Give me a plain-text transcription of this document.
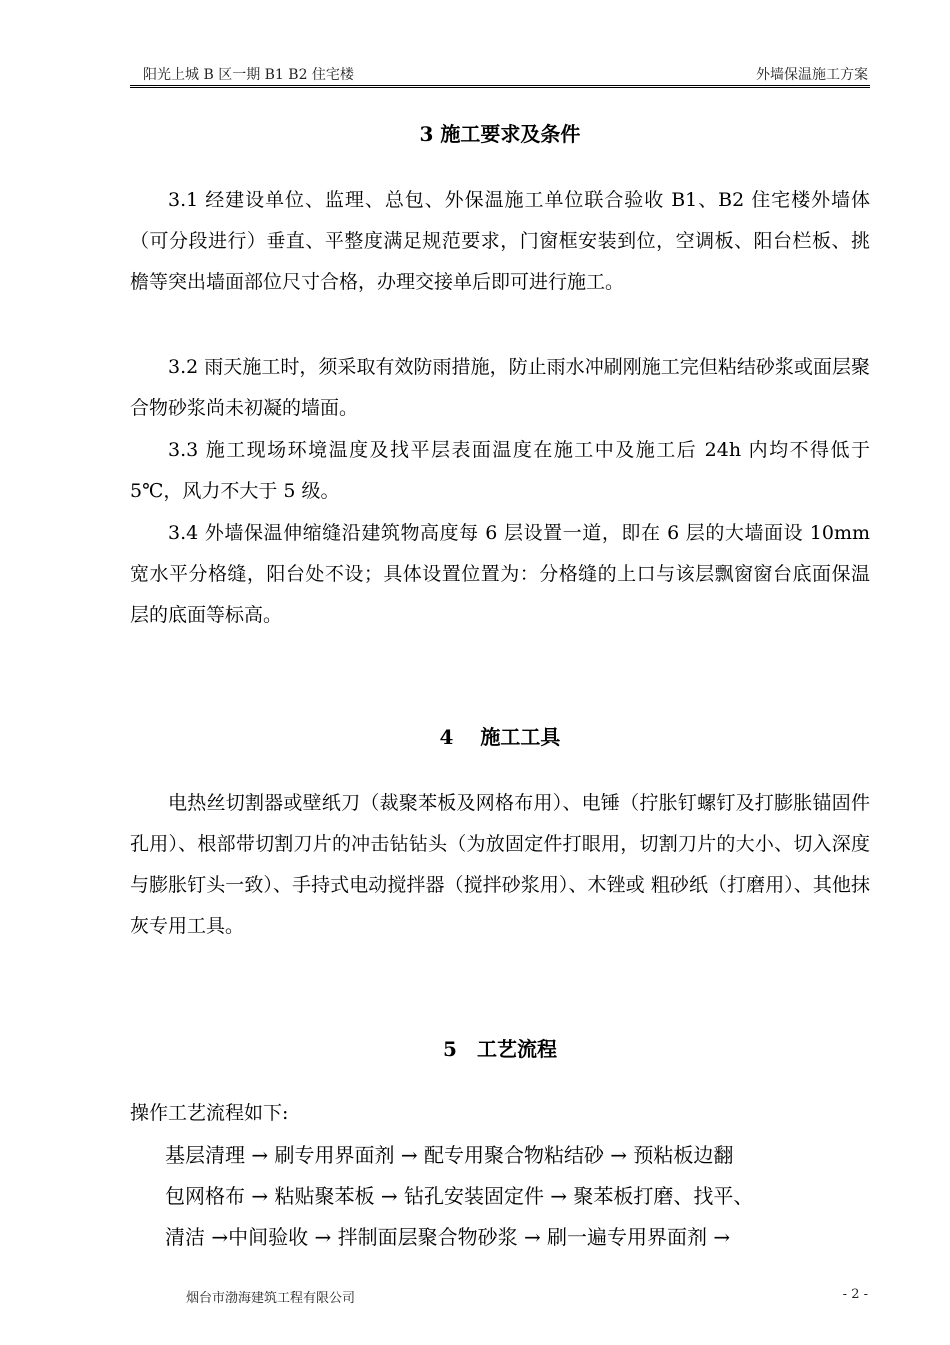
阳光上城 B 区一期 B1 B2 住宅楼	外墙保温施工方案
3 施工要求及条件

3.1 经建设单位、监理、总包、外保温施工单位联合验收 B1、B2 住宅楼外墙体（可分段进行）垂直、平整度满足规范要求，门窗框安装到位，空调板、阳台栏板、挑檐等突出墙面部位尺寸合格，办理交接单后即可进行施工。

3.2 雨天施工时，须采取有效防雨措施，防止雨水冲刷刚施工完但粘结砂浆或面层聚合物砂浆尚未初凝的墙面。

3.3 施工现场环境温度及找平层表面温度在施工中及施工后 24h 内均不得低于 5℃，风力不大于 5 级。

3.4 外墙保温伸缩缝沿建筑物高度每 6 层设置一道，即在 6 层的大墙面设 10mm 宽水平分格缝，阳台处不设；具体设置位置为：分格缝的上口与该层飘窗窗台底面保温层的底面等标高。

4　 施工工具

电热丝切割器或壁纸刀（裁聚苯板及网格布用）、电锤（拧胀钉螺钉及打膨胀锚固件孔用）、根部带切割刀片的冲击钻钻头（为放固定件打眼用，切割刀片的大小、切入深度与膨胀钉头一致）、手持式电动搅拌器（搅拌砂浆用）、木锉或 粗砂纸（打磨用）、其他抹灰专用工具。

5　工艺流程

操作工艺流程如下:

基层清理 → 刷专用界面剂 → 配专用聚合物粘结砂 → 预粘板边翻
包网格布 → 粘贴聚苯板 → 钻孔安装固定件 → 聚苯板打磨、找平、
清洁 →中间验收 → 拌制面层聚合物砂浆 → 刷一遍专用界面剂 →
烟台市渤海建筑工程有限公司	- 2 -
